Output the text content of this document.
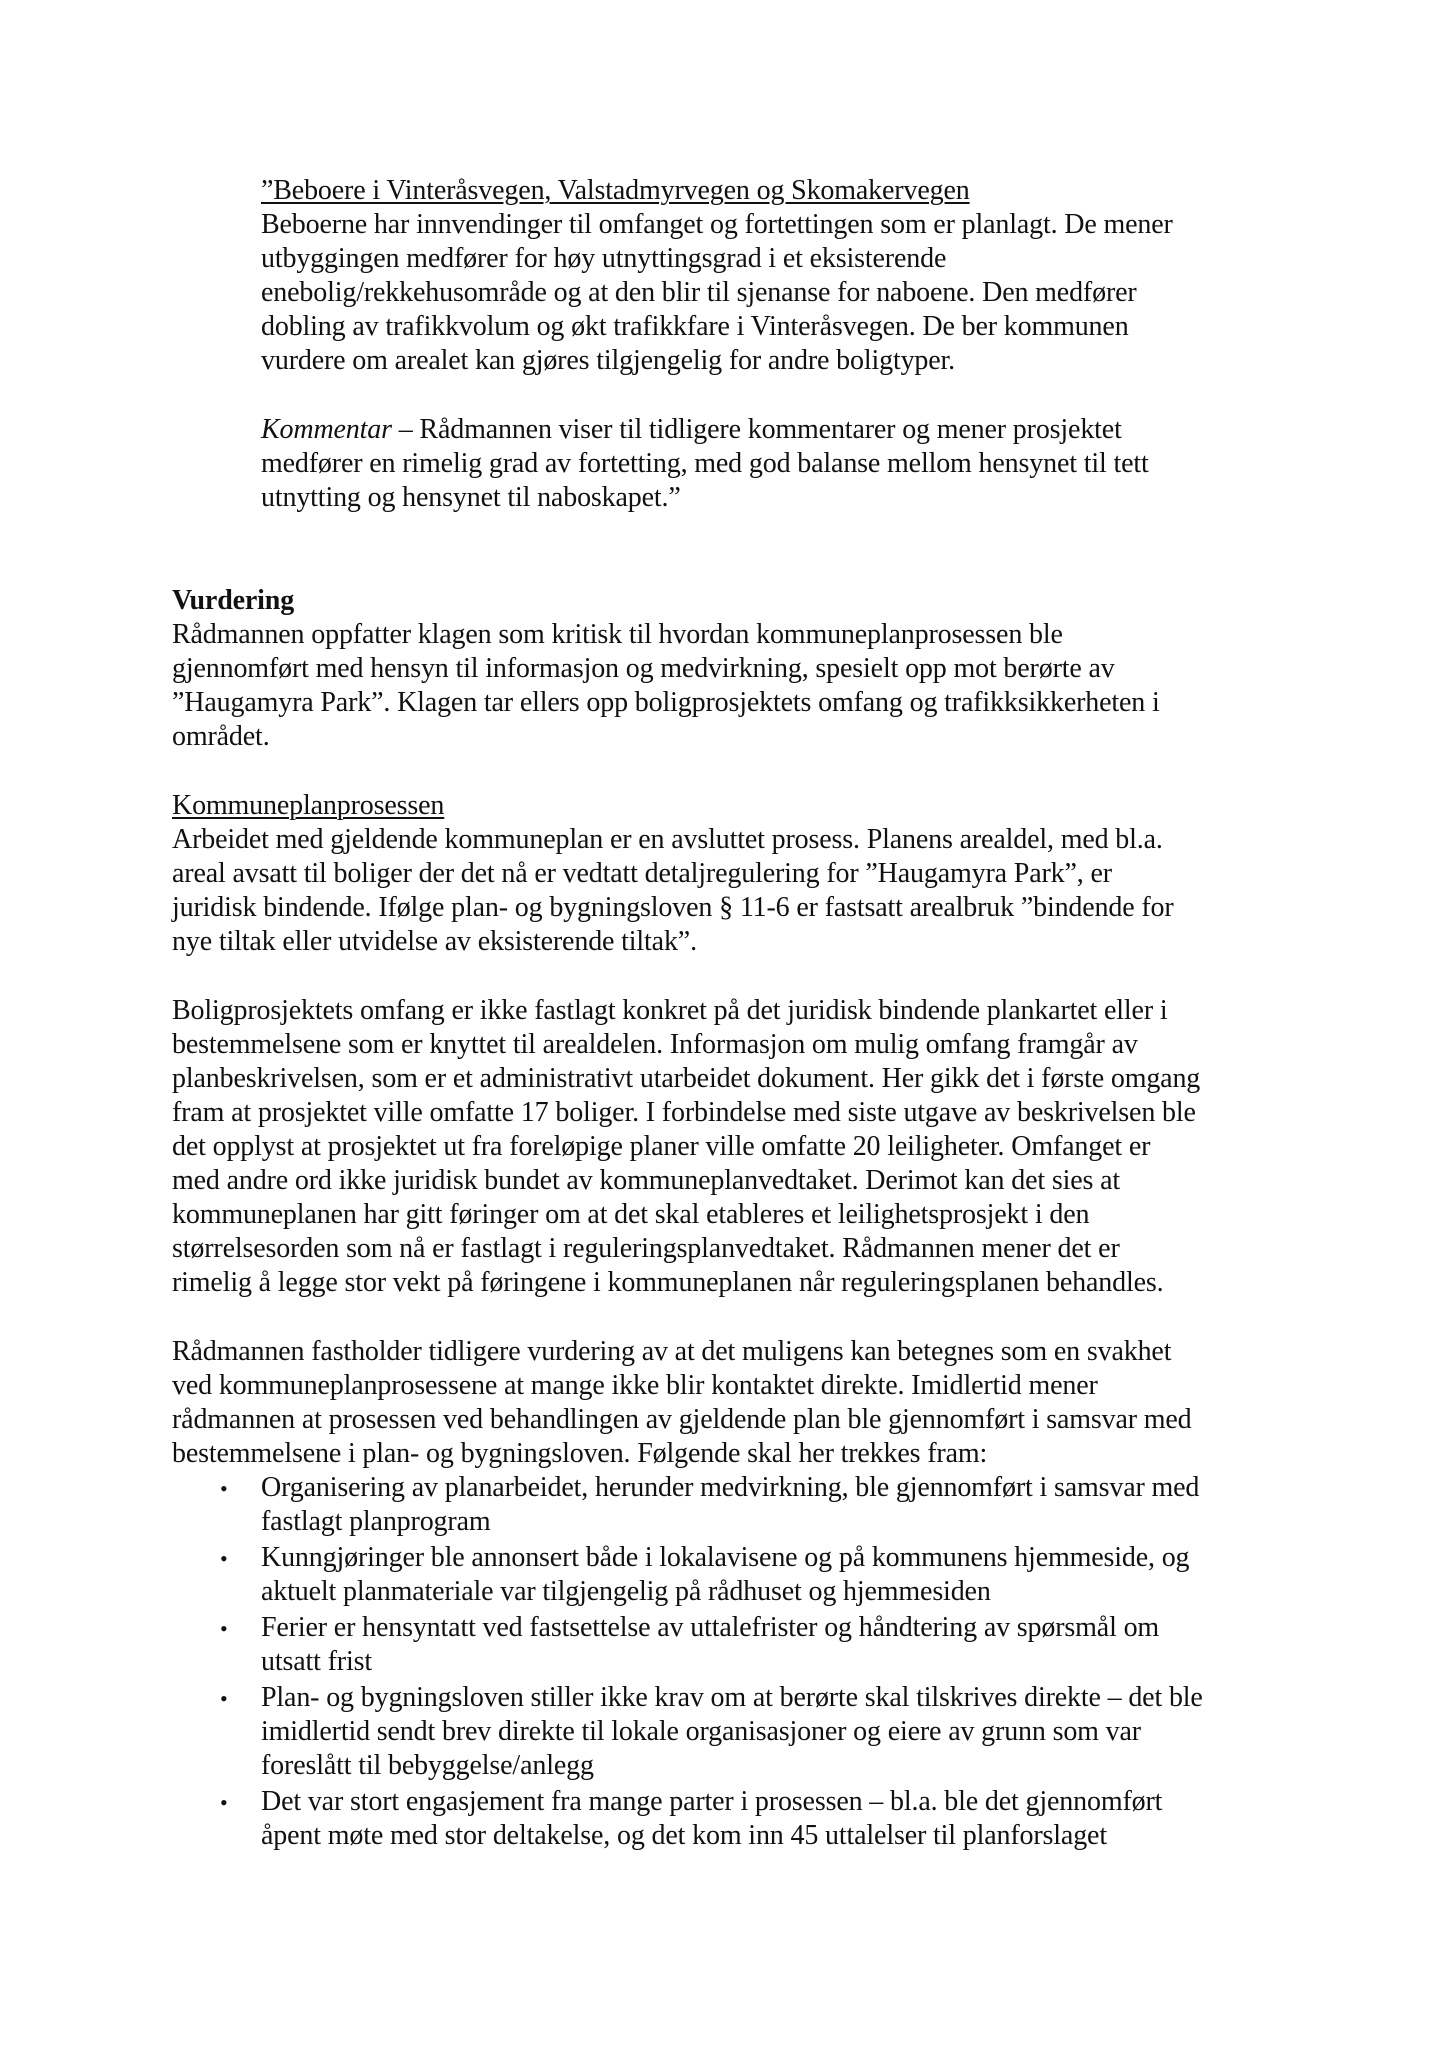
”Beboere i Vinteråsvegen, Valstadmyrvegen og Skomakervegen
Beboerne har innvendinger til omfanget og fortettingen som er planlagt. De mener
utbyggingen medfører for høy utnyttingsgrad i et eksisterende
enebolig/rekkehusområde og at den blir til sjenanse for naboene. Den medfører
dobling av trafikkvolum og økt trafikkfare i Vinteråsvegen. De ber kommunen
vurdere om arealet kan gjøres tilgjengelig for andre boligtyper.
Kommentar – Rådmannen viser til tidligere kommentarer og mener prosjektet
medfører en rimelig grad av fortetting, med god balanse mellom hensynet til tett
utnytting og hensynet til naboskapet.”
Vurdering
Rådmannen oppfatter klagen som kritisk til hvordan kommuneplanprosessen ble
gjennomført med hensyn til informasjon og medvirkning, spesielt opp mot berørte av
”Haugamyra Park”. Klagen tar ellers opp boligprosjektets omfang og trafikksikkerheten i
området.
Kommuneplanprosessen
Arbeidet med gjeldende kommuneplan er en avsluttet prosess. Planens arealdel, med bl.a.
areal avsatt til boliger der det nå er vedtatt detaljregulering for ”Haugamyra Park”, er
juridisk bindende. Ifølge plan- og bygningsloven § 11-6 er fastsatt arealbruk ”bindende for
nye tiltak eller utvidelse av eksisterende tiltak”.
Boligprosjektets omfang er ikke fastlagt konkret på det juridisk bindende plankartet eller i
bestemmelsene som er knyttet til arealdelen. Informasjon om mulig omfang framgår av
planbeskrivelsen, som er et administrativt utarbeidet dokument. Her gikk det i første omgang
fram at prosjektet ville omfatte 17 boliger. I forbindelse med siste utgave av beskrivelsen ble
det opplyst at prosjektet ut fra foreløpige planer ville omfatte 20 leiligheter. Omfanget er
med andre ord ikke juridisk bundet av kommuneplanvedtaket. Derimot kan det sies at
kommuneplanen har gitt føringer om at det skal etableres et leilighetsprosjekt i den
størrelsesorden som nå er fastlagt i reguleringsplanvedtaket. Rådmannen mener det er
rimelig å legge stor vekt på føringene i kommuneplanen når reguleringsplanen behandles.
Rådmannen fastholder tidligere vurdering av at det muligens kan betegnes som en svakhet
ved kommuneplanprosessene at mange ikke blir kontaktet direkte. Imidlertid mener
rådmannen at prosessen ved behandlingen av gjeldende plan ble gjennomført i samsvar med
bestemmelsene i plan- og bygningsloven. Følgende skal her trekkes fram:
• Organisering av planarbeidet, herunder medvirkning, ble gjennomført i samsvar med
fastlagt planprogram
• Kunngjøringer ble annonsert både i lokalavisene og på kommunens hjemmeside, og
aktuelt planmateriale var tilgjengelig på rådhuset og hjemmesiden
• Ferier er hensyntatt ved fastsettelse av uttalefrister og håndtering av spørsmål om
utsatt frist
• Plan- og bygningsloven stiller ikke krav om at berørte skal tilskrives direkte – det ble
imidlertid sendt brev direkte til lokale organisasjoner og eiere av grunn som var
foreslått til bebyggelse/anlegg
• Det var stort engasjement fra mange parter i prosessen – bl.a. ble det gjennomført
åpent møte med stor deltakelse, og det kom inn 45 uttalelser til planforslaget
